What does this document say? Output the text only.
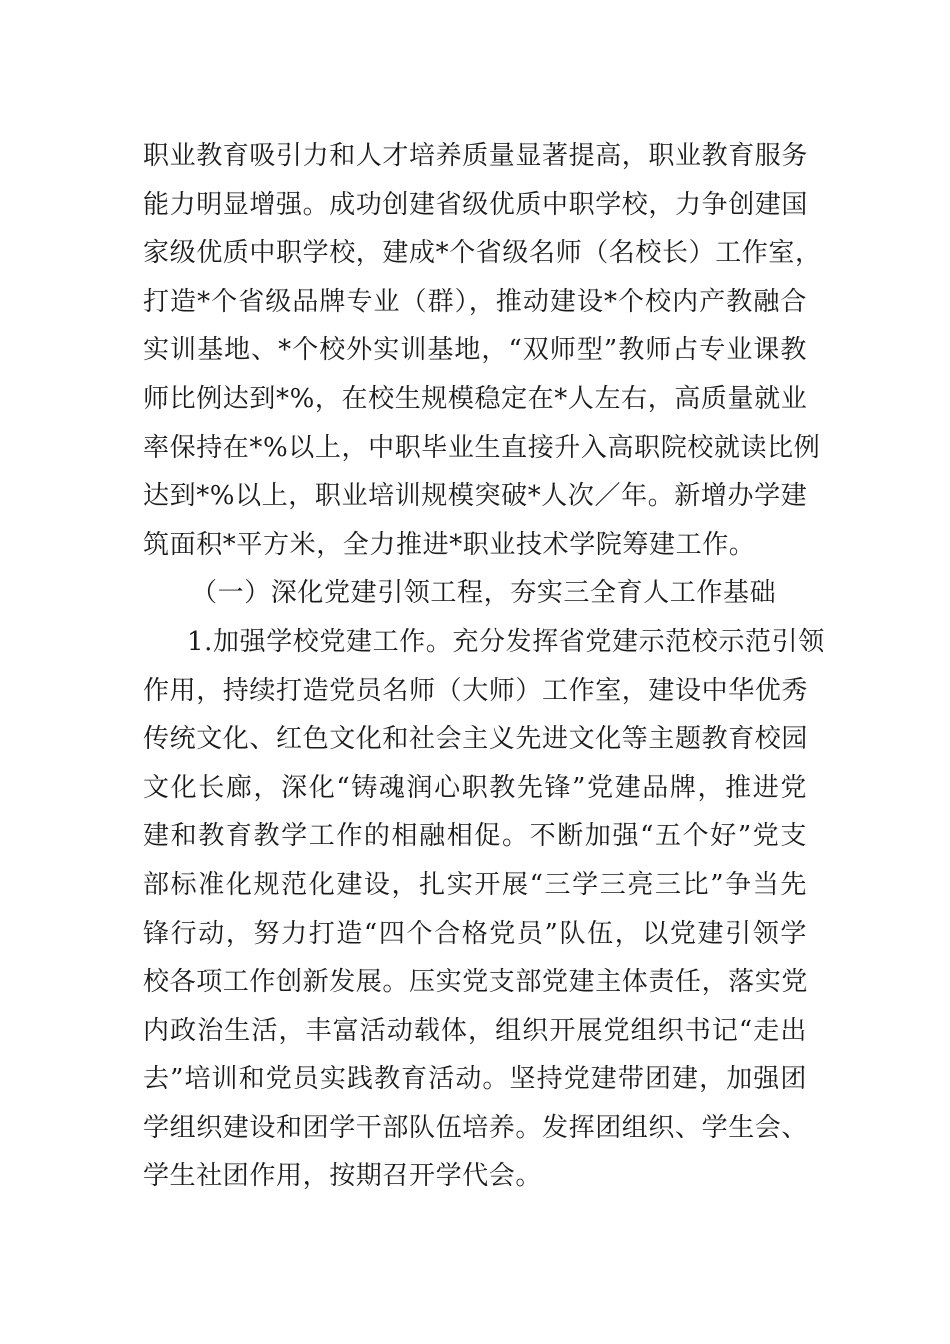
职业教育吸引力和人才培养质量显著提高，职业教育服务
能力明显增强。成功创建省级优质中职学校，力争创建国
家级优质中职学校，建成*个省级名师（名校长）工作室，
打造*个省级品牌专业（群），推动建设*个校内产教融合
实训基地、*个校外实训基地，“双师型”教师占专业课教
师比例达到*%，在校生规模稳定在*人左右，高质量就业
率保持在*%以上，中职毕业生直接升入高职院校就读比例
达到*%以上，职业培训规模突破*人次／年。新增办学建
筑面积*平方米，全力推进*职业技术学院筹建工作。
（一）深化党建引领工程，夯实三全育人工作基础
1.加强学校党建工作。充分发挥省党建示范校示范引领
作用，持续打造党员名师（大师）工作室，建设中华优秀
传统文化、红色文化和社会主义先进文化等主题教育校园
文化长廊，深化“铸魂润心职教先锋”党建品牌，推进党
建和教育教学工作的相融相促。不断加强“五个好”党支
部标准化规范化建设，扎实开展“三学三亮三比”争当先
锋行动，努力打造“四个合格党员”队伍，以党建引领学
校各项工作创新发展。压实党支部党建主体责任，落实党
内政治生活，丰富活动载体，组织开展党组织书记“走出
去”培训和党员实践教育活动。坚持党建带团建，加强团
学组织建设和团学干部队伍培养。发挥团组织、学生会、
学生社团作用，按期召开学代会。
